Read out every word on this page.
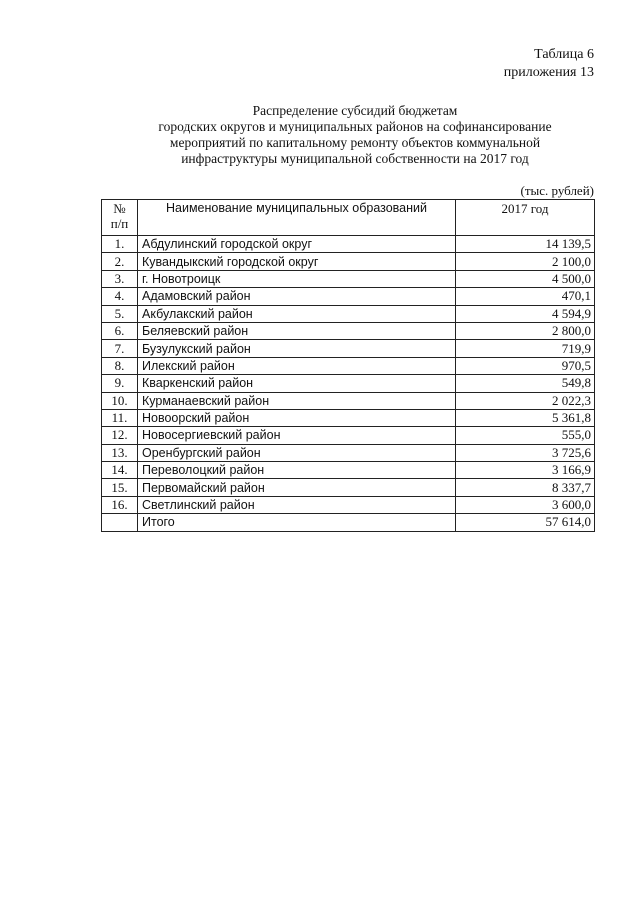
Таблица 6
приложения 13
Распределение субсидий бюджетам
городских округов и муниципальных районов на софинансирование
мероприятий по капитальному ремонту объектов коммунальной
инфраструктуры муниципальной собственности на 2017 год
(тыс. рублей)
№
п/п	Наименование муниципальных образований	2017 год
1.	Абдулинский городской округ	14 139,5
2.	Кувандыкский городской округ	2 100,0
3.	г. Новотроицк	4 500,0
4.	Адамовский район	470,1
5.	Акбулакский район	4 594,9
6.	Беляевский район	2 800,0
7.	Бузулукский район	719,9
8.	Илекский район	970,5
9.	Кваркенский район	549,8
10.	Курманаевский район	2 022,3
11.	Новоорский район	5 361,8
12.	Новосергиевский район	555,0
13.	Оренбургский район	3 725,6
14.	Переволоцкий район	3 166,9
15.	Первомайский район	8 337,7
16.	Светлинский район	3 600,0
	Итого	57 614,0
